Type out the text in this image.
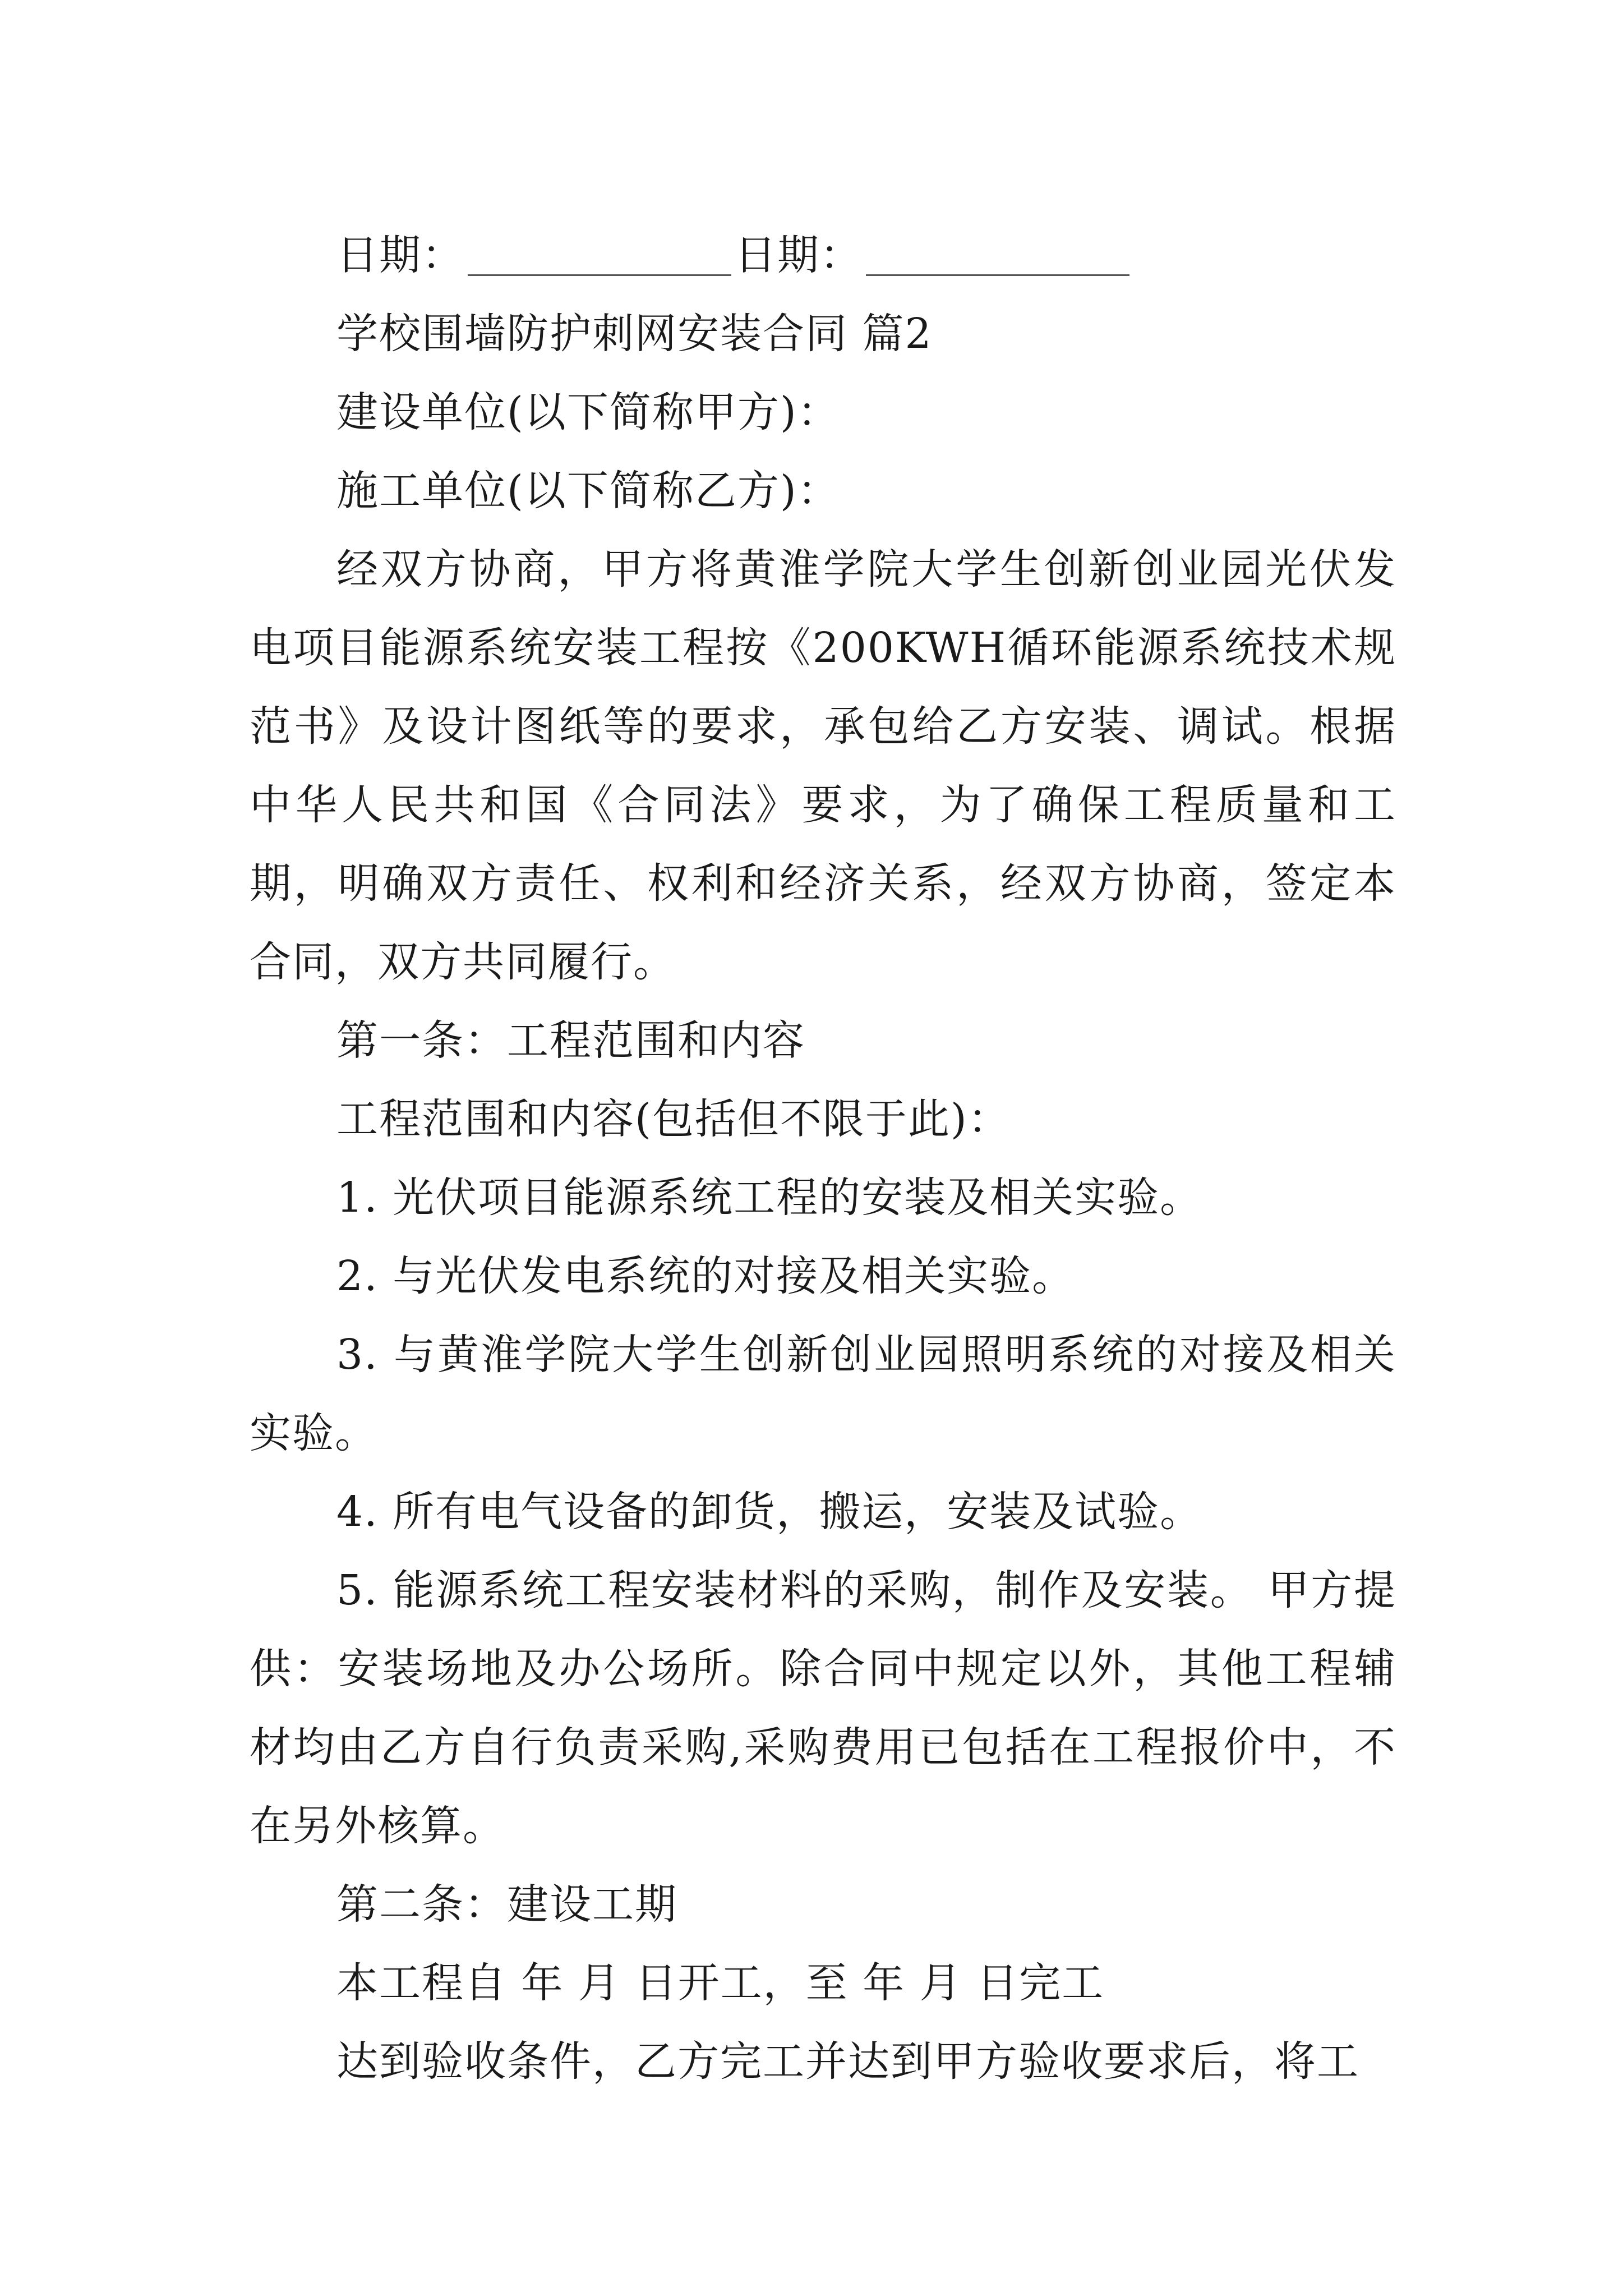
日期：	日期：
学校围墙防护刺网安装合同 篇2
建设单位(以下简称甲方)：
施工单位(以下简称乙方)：

经双方协商，甲方将黄淮学院大学生创新创业园光伏发电项目能源系统安装工程按《200KWH循环能源系统技术规范书》及设计图纸等的要求，承包给乙方安装、调试。根据中华人民共和国《合同法》要求，为了确保工程质量和工期，明确双方责任、权利和经济关系，经双方协商，签定本合同，双方共同履行。

第一条：工程范围和内容
工程范围和内容(包括但不限于此)：
1. 光伏项目能源系统工程的安装及相关实验。
2. 与光伏发电系统的对接及相关实验。

3. 与黄淮学院大学生创新创业园照明系统的对接及相关实验。

4. 所有电气设备的卸货，搬运，安装及试验。

5. 能源系统工程安装材料的采购，制作及安装。 甲方提供：安装场地及办公场所。除合同中规定以外，其他工程辅材均由乙方自行负责采购,采购费用已包括在工程报价中，不在另外核算。

第二条：建设工期
本工程自 年 月 日开工，至 年 月 日完工
达到验收条件，乙方完工并达到甲方验收要求后，将工
